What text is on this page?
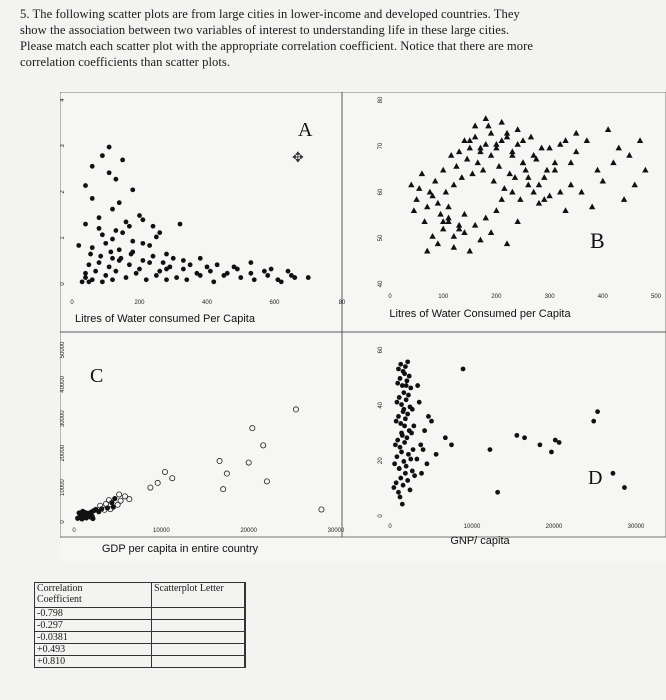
5. The following scatter plots are from large cities in lower-income and developed countries. They

show the association between two variables of interest to understanding life in these large cities.

Please match each scatter plot with the appropriate correlation coefficient. Notice that there are more

correlation coefficients than scatter plots.

0	200	400	600	80
0
1
2
3
4
Litres of Water consumed Per Capita
A
0	100	200	300	400	500
40
50
60
70
80
Litres of Water Consumed per Capita
B
0	10000	20000	30000
0
10000
20000
30000
40000
50000
GDP per capita in entire country
C
0	10000	20000	30000
0
20
40
60
GNP/ capita
D
✥
Correlation
Coefficient	Scatterplot Letter	
-0.798		
-0.297		
-0.0381		
+0.493		
+0.810		
